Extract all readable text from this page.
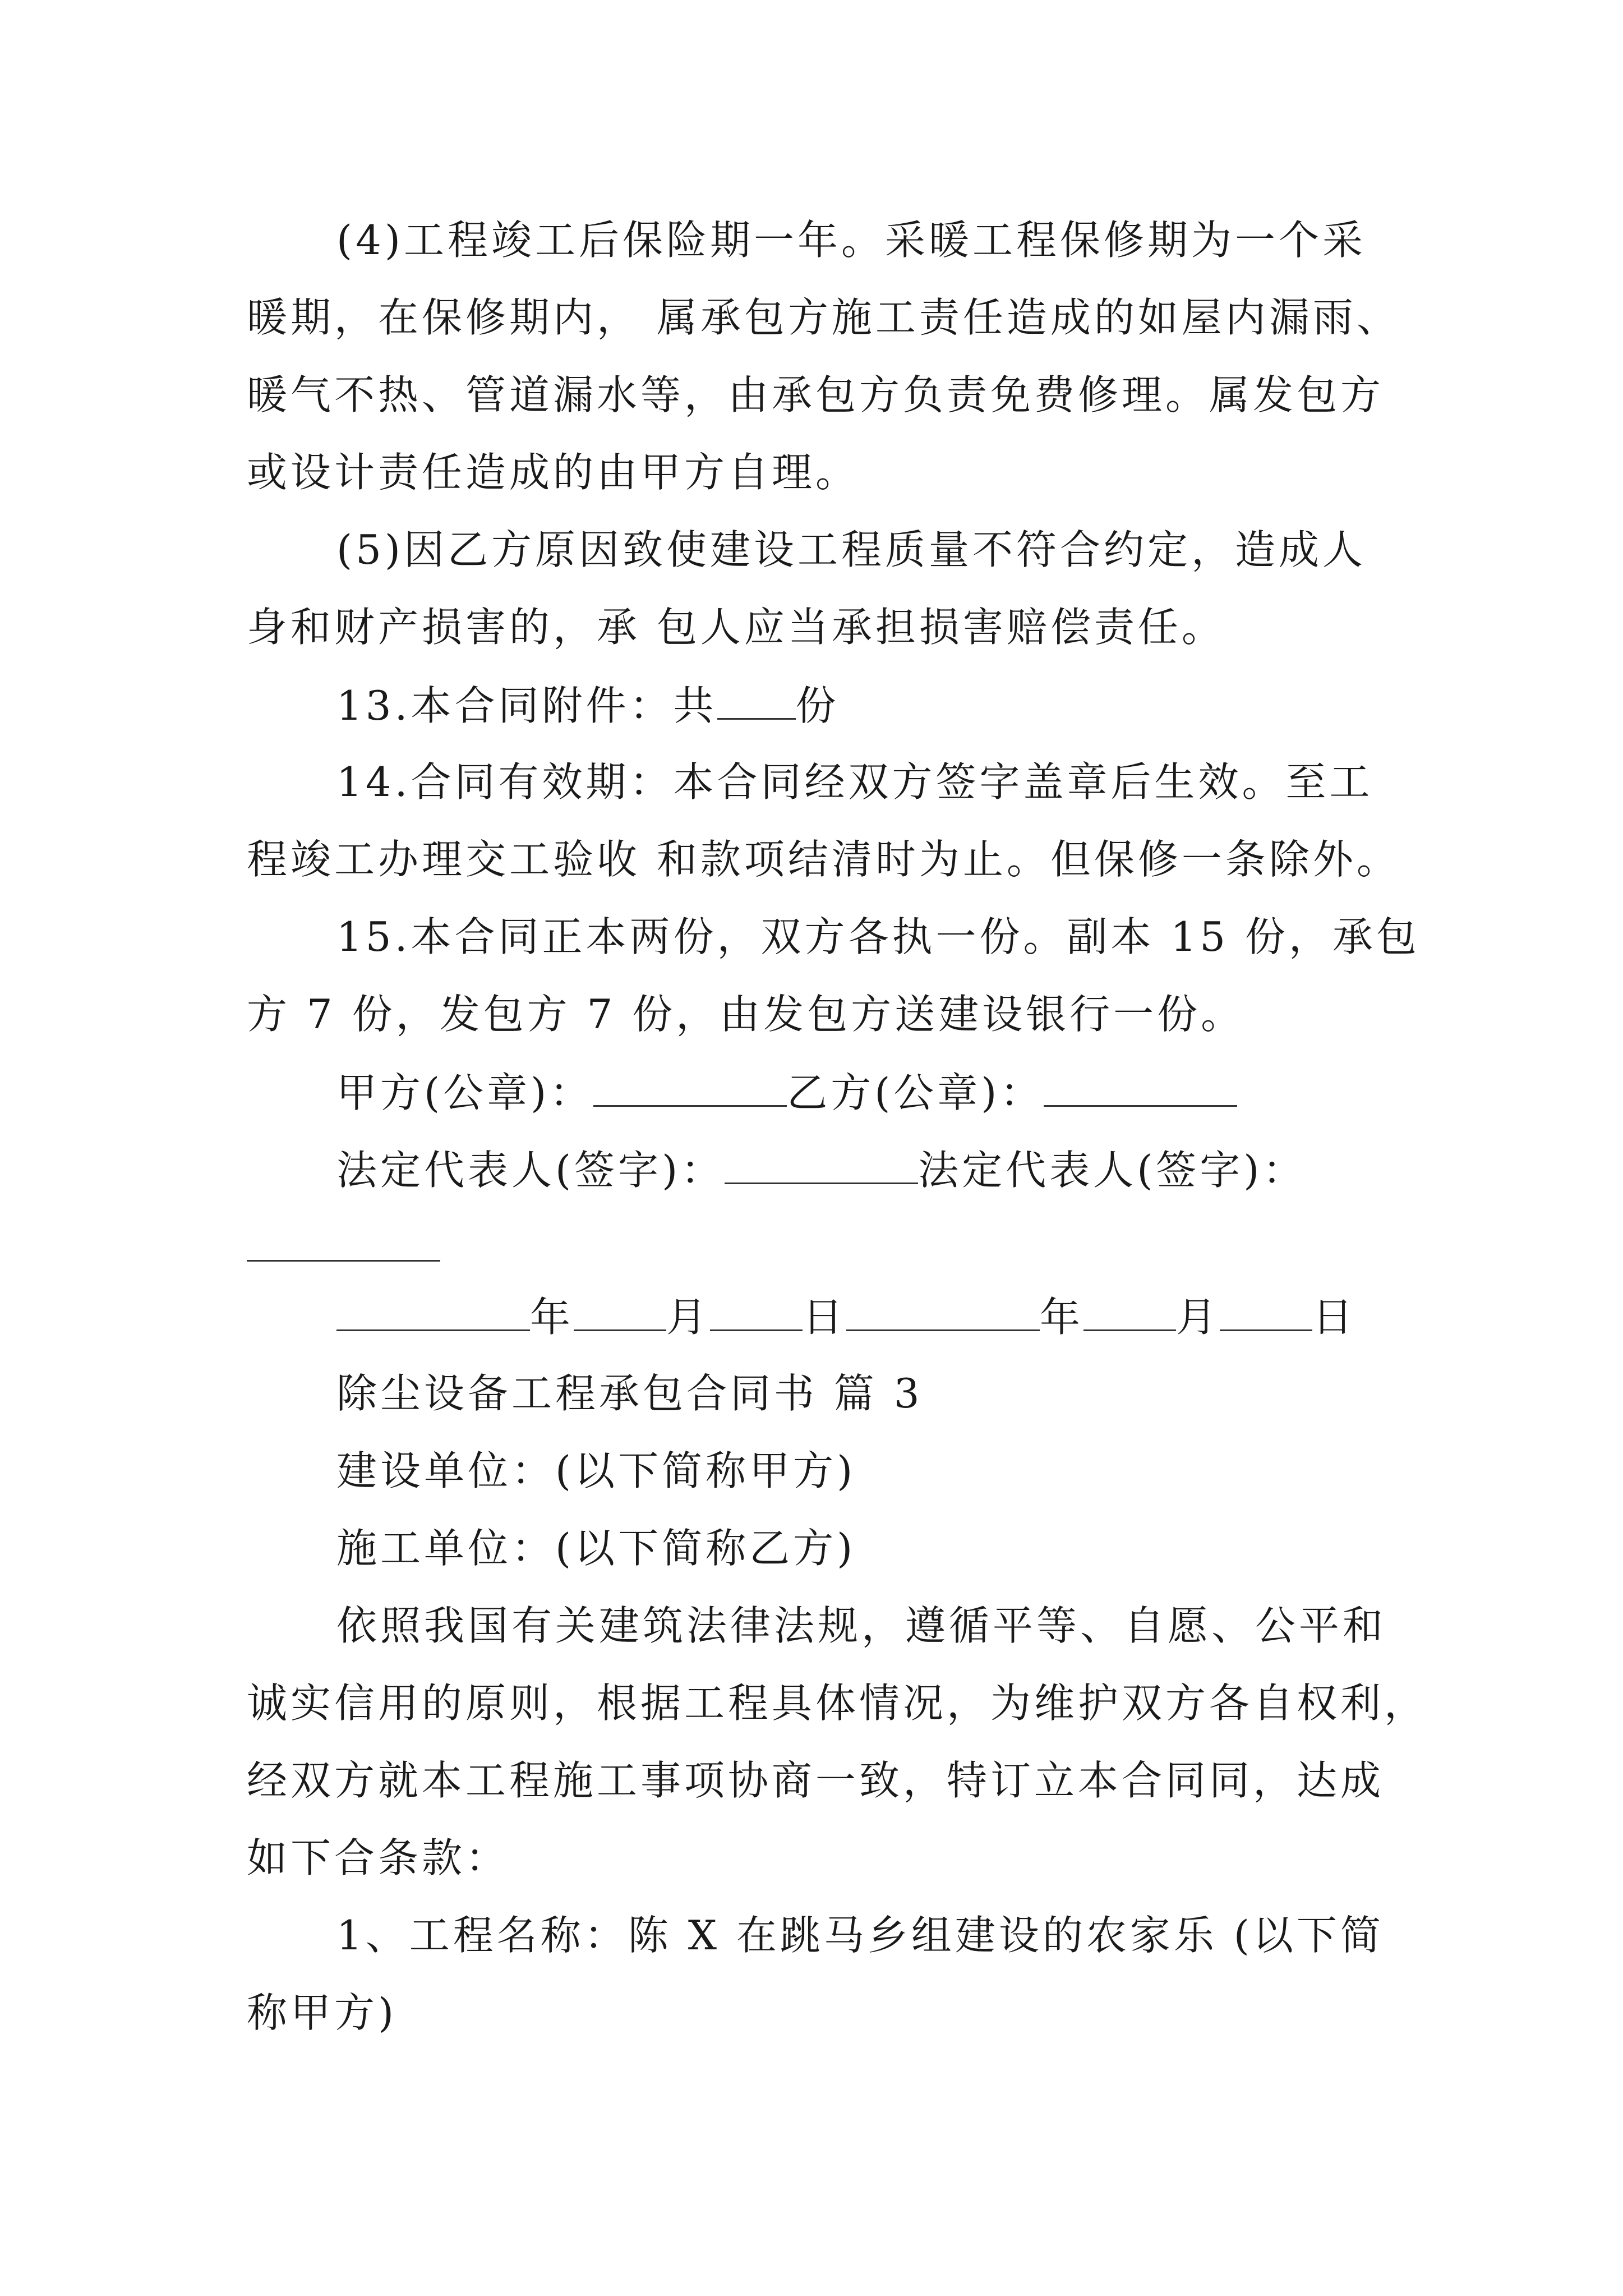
(4)工程竣工后保险期一年。采暖工程保修期为一个采
暖期，在保修期内， 属承包方施工责任造成的如屋内漏雨、
暖气不热、管道漏水等，由承包方负责免费修理。属发包方
或设计责任造成的由甲方自理。
(5)因乙方原因致使建设工程质量不符合约定，造成人
身和财产损害的，承 包人应当承担损害赔偿责任。
13.本合同附件：共 份
14.合同有效期：本合同经双方签字盖章后生效。至工
程竣工办理交工验收 和款项结清时为止。但保修一条除外。
15.本合同正本两份，双方各执一份。副本 15 份，承包
方 7 份，发包方 7 份，由发包方送建设银行一份。
甲方(公章)：	乙方(公章)：
法定代表人(签字)：	法定代表人(签字)：
年 月 日	年 月 日
除尘设备工程承包合同书 篇 3
建设单位：(以下简称甲方)
施工单位：(以下简称乙方)
依照我国有关建筑法律法规，遵循平等、自愿、公平和
诚实信用的原则，根据工程具体情况，为维护双方各自权利，
经双方就本工程施工事项协商一致，特订立本合同同，达成
如下合条款：
1、工程名称：陈 X 在跳马乡组建设的农家乐 (以下简
称甲方)
